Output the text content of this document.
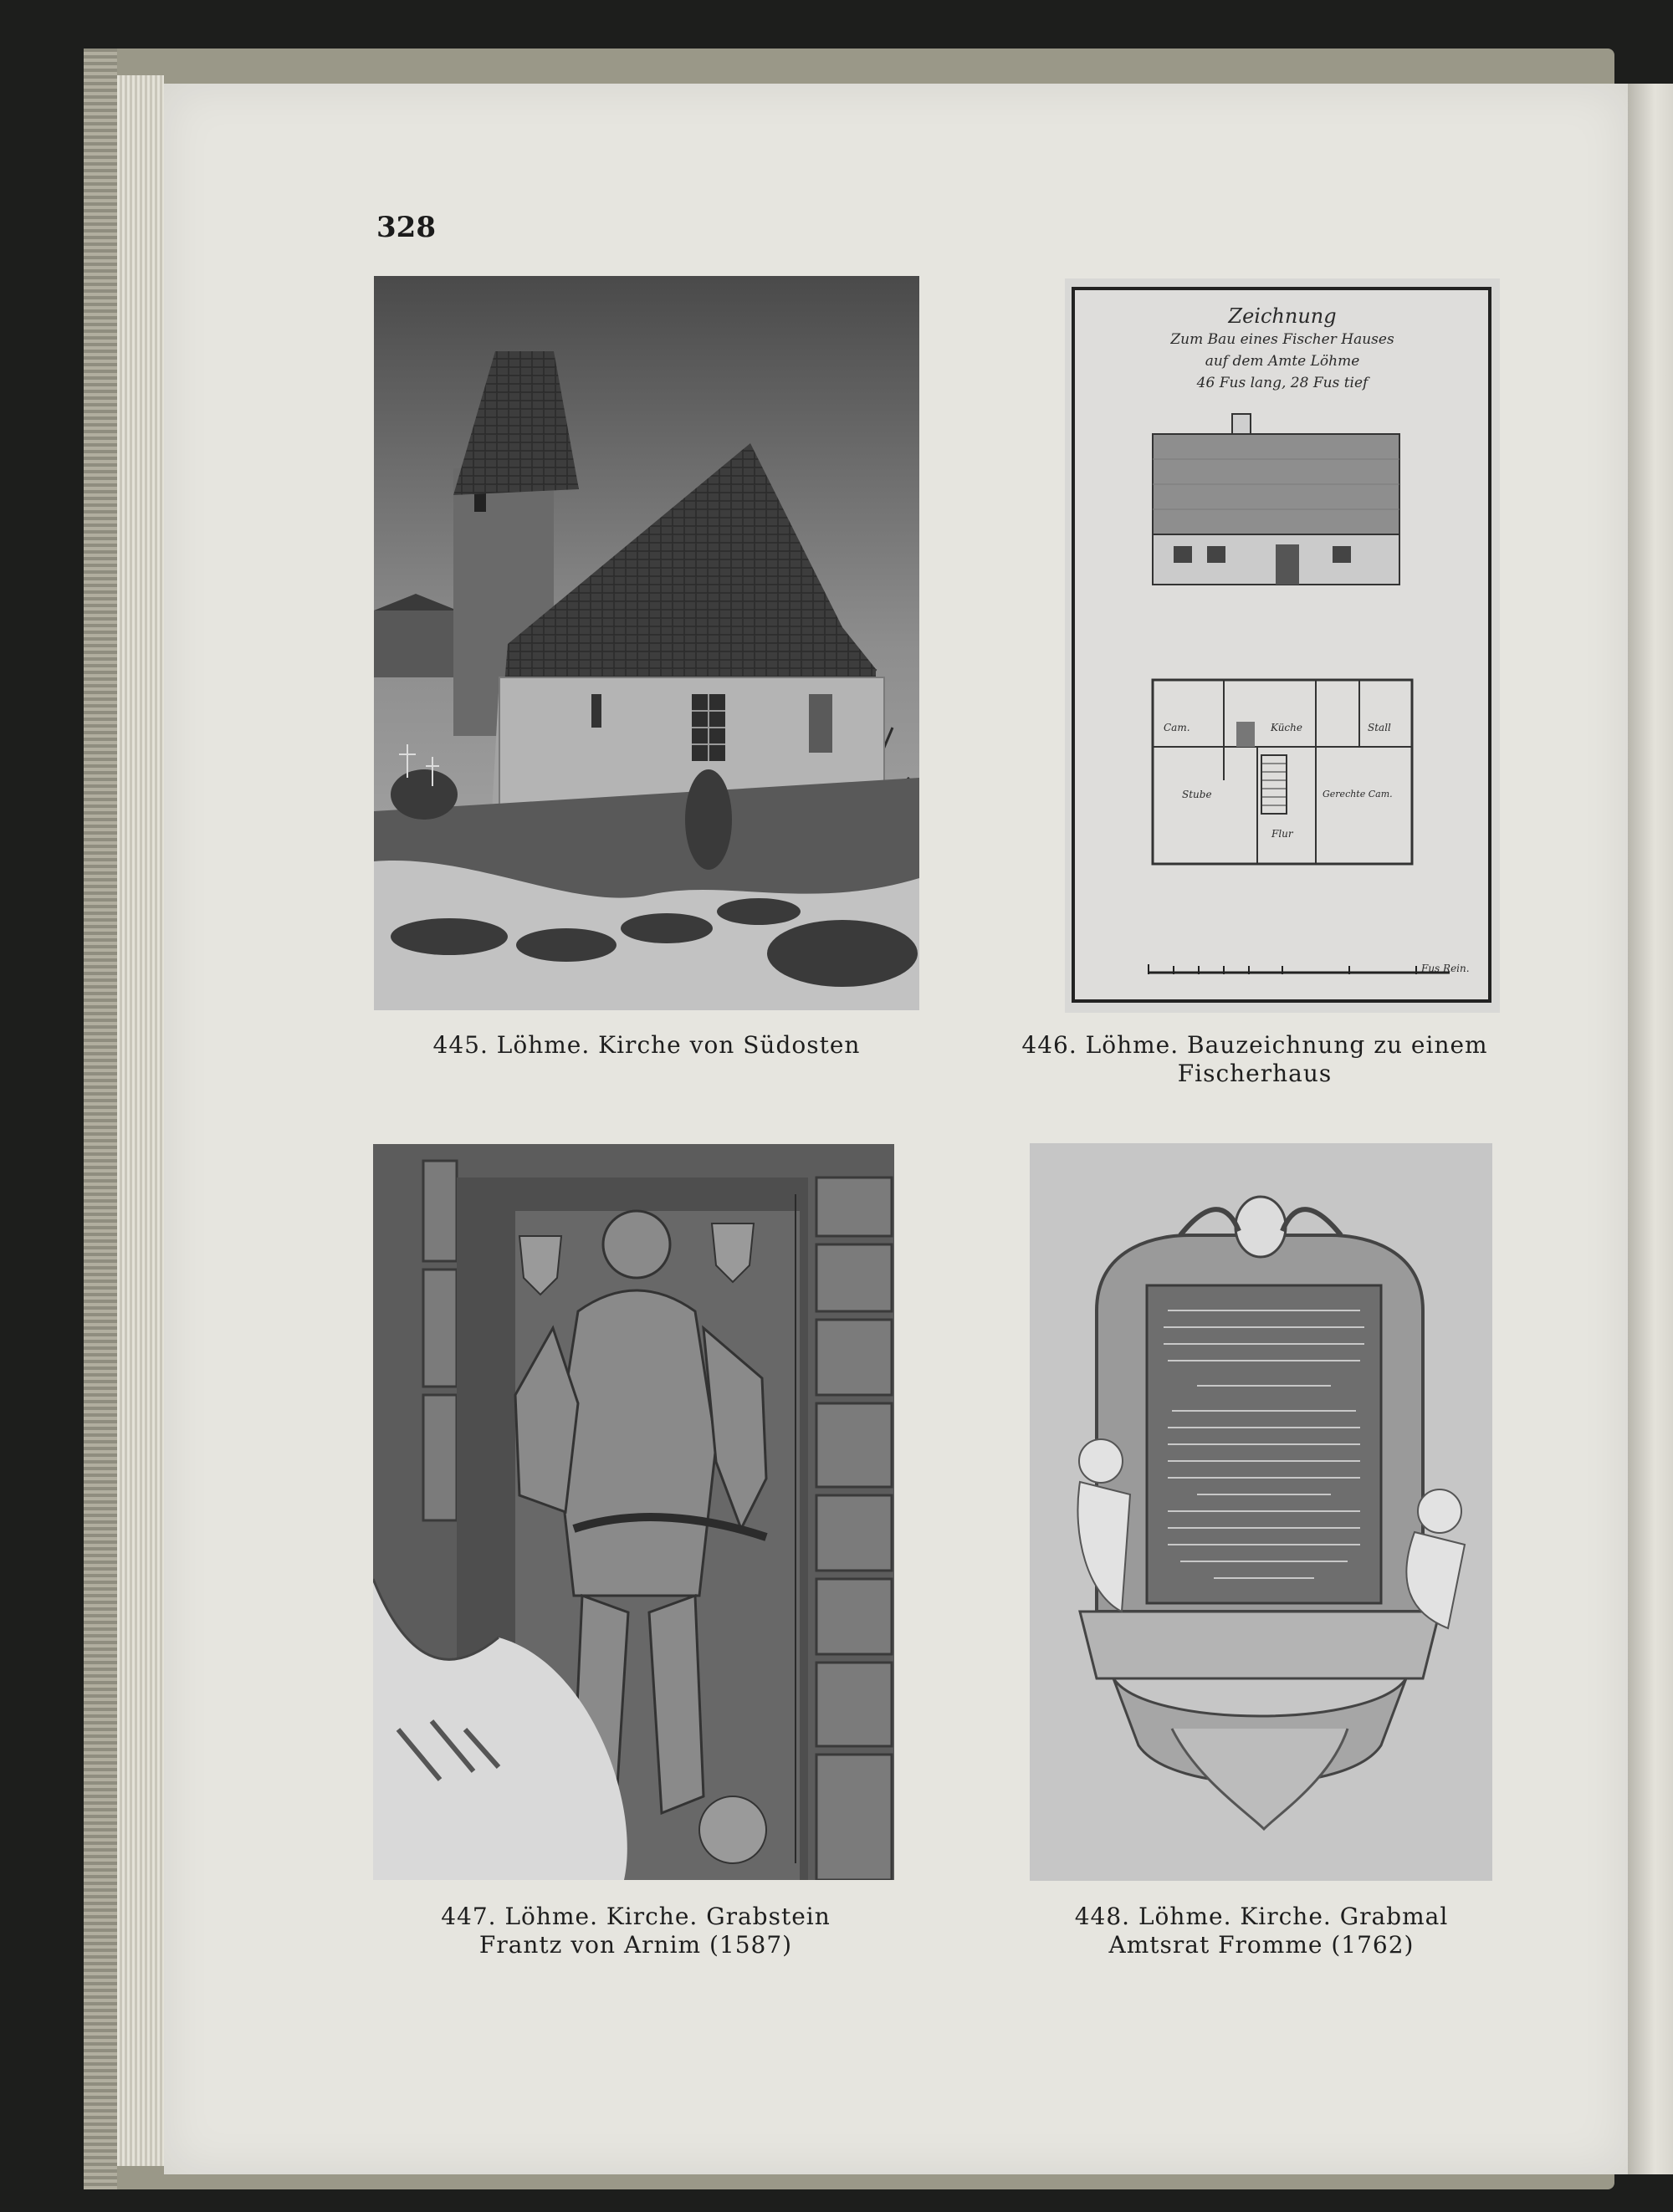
328
445. Löhme. Kirche von Südosten
Zeichnung
Zum Bau eines Fischer Hauses
auf dem Amte Löhme
46 Fus lang, 28 Fus tief
Cam.	Küche	Stall
Stube	Gerechte Cam.
Flur
Fus Rein.
446. Löhme. Bauzeichnung zu einem Fischerhaus
447. Löhme. Kirche. Grabstein
Frantz von Arnim (1587)
448. Löhme. Kirche. Grabmal
Amtsrat Fromme (1762)
